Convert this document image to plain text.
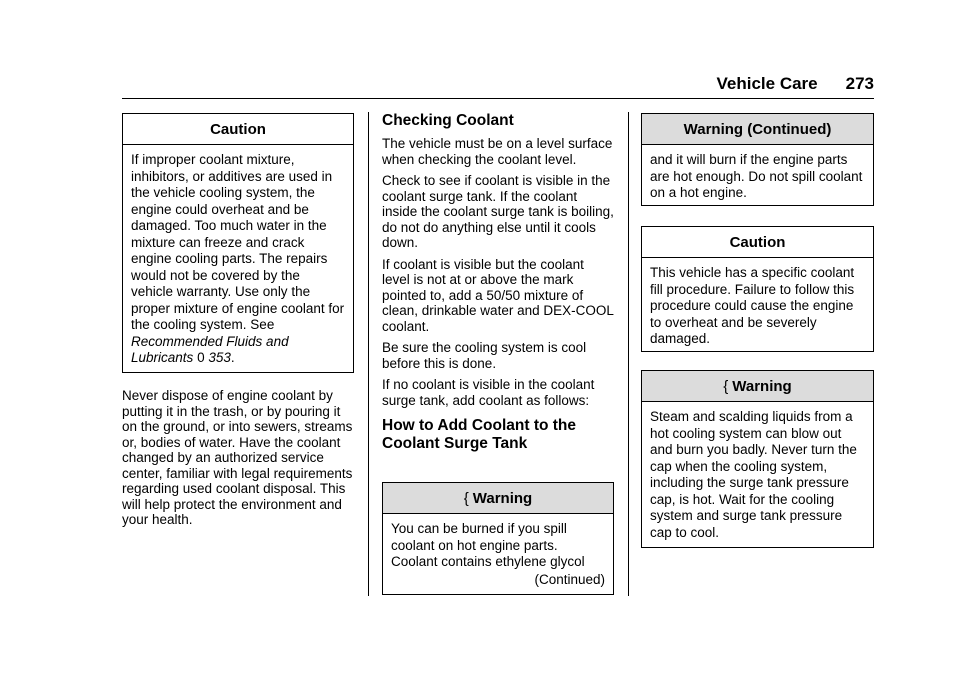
Vehicle Care 273
Caution
If improper coolant mixture, inhibitors, or additives are used in the vehicle cooling system, the engine could overheat and be damaged. Too much water in the mixture can freeze and crack engine cooling parts. The repairs would not be covered by the vehicle warranty. Use only the proper mixture of engine coolant for the cooling system. See Recommended Fluids and Lubricants 0 353.

Never dispose of engine coolant by putting it in the trash, or by pouring it on the ground, or into sewers, streams or, bodies of water. Have the coolant changed by an authorized service center, familiar with legal requirements regarding used coolant disposal. This will help protect the environment and your health.

Checking Coolant

The vehicle must be on a level surface when checking the coolant level.

Check to see if coolant is visible in the coolant surge tank. If the coolant inside the coolant surge tank is boiling, do not do anything else until it cools down.

If coolant is visible but the coolant level is not at or above the mark pointed to, add a 50/50 mixture of clean, drinkable water and DEX-COOL coolant.

Be sure the cooling system is cool before this is done.

If no coolant is visible in the coolant surge tank, add coolant as follows:

How to Add Coolant to the Coolant Surge Tank
{ Warning
You can be burned if you spill coolant on hot engine parts. Coolant contains ethylene glycol
(Continued)
Warning (Continued)
and it will burn if the engine parts are hot enough. Do not spill coolant on a hot engine.
Caution
This vehicle has a specific coolant fill procedure. Failure to follow this procedure could cause the engine to overheat and be severely damaged.
{ Warning
Steam and scalding liquids from a hot cooling system can blow out and burn you badly. Never turn the cap when the cooling system, including the surge tank pressure cap, is hot. Wait for the cooling system and surge tank pressure cap to cool.
